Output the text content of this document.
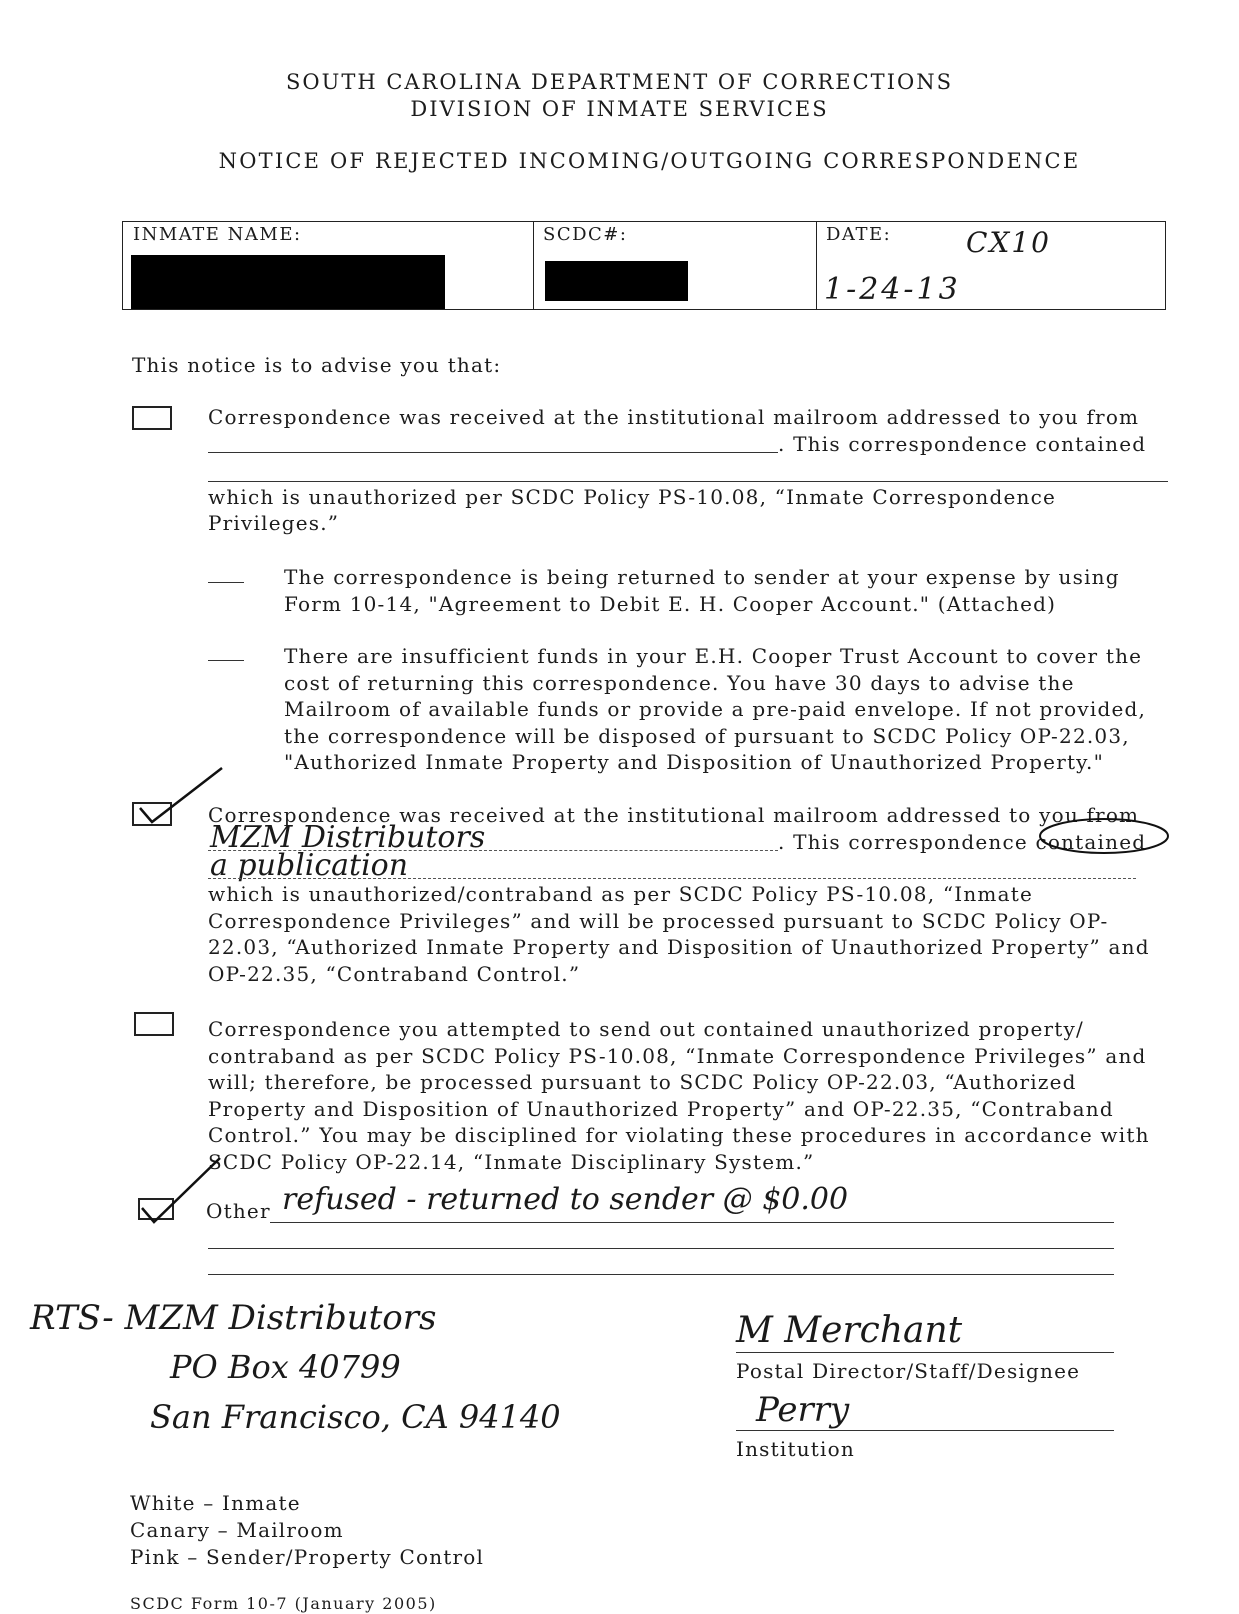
SOUTH CAROLINA DEPARTMENT OF CORRECTIONS
DIVISION OF INMATE SERVICES
NOTICE OF REJECTED INCOMING/OUTGOING CORRESPONDENCE
INMATE NAME:	SCDC#:	DATE:	CX10
1-24-13
This notice is to advise you that:
Correspondence was received at the institutional mailroom addressed to you from
. This correspondence contained
which is unauthorized per SCDC Policy PS-10.08, “Inmate Correspondence
Privileges.”
The correspondence is being returned to sender at your expense by using
Form 10-14, "Agreement to Debit E. H. Cooper Account." (Attached)
There are insufficient funds in your E.H. Cooper Trust Account to cover the
cost of returning this correspondence. You have 30 days to advise the
Mailroom of available funds or provide a pre-paid envelope. If not provided,
the correspondence will be disposed of pursuant to SCDC Policy OP-22.03,
"Authorized Inmate Property and Disposition of Unauthorized Property."
Correspondence was received at the institutional mailroom addressed to you from
MZM Distributors	. This correspondence contained
a publication
which is unauthorized/contraband as per SCDC Policy PS-10.08, “Inmate
Correspondence Privileges” and will be processed pursuant to SCDC Policy OP-
22.03, “Authorized Inmate Property and Disposition of Unauthorized Property” and
OP-22.35, “Contraband Control.”
Correspondence you attempted to send out contained unauthorized property/
contraband as per SCDC Policy PS-10.08, “Inmate Correspondence Privileges” and
will; therefore, be processed pursuant to SCDC Policy OP-22.03, “Authorized
Property and Disposition of Unauthorized Property” and OP-22.35, “Contraband
Control.” You may be disciplined for violating these procedures in accordance with
SCDC Policy OP-22.14, “Inmate Disciplinary System.”
Other refused - returned to sender @ $0.00
RTS- MZM Distributors
PO Box 40799
San Francisco, CA 94140
M Merchant
Postal Director/Staff/Designee
Perry
Institution
White – Inmate
Canary – Mailroom
Pink – Sender/Property Control
SCDC Form 10-7 (January 2005)
